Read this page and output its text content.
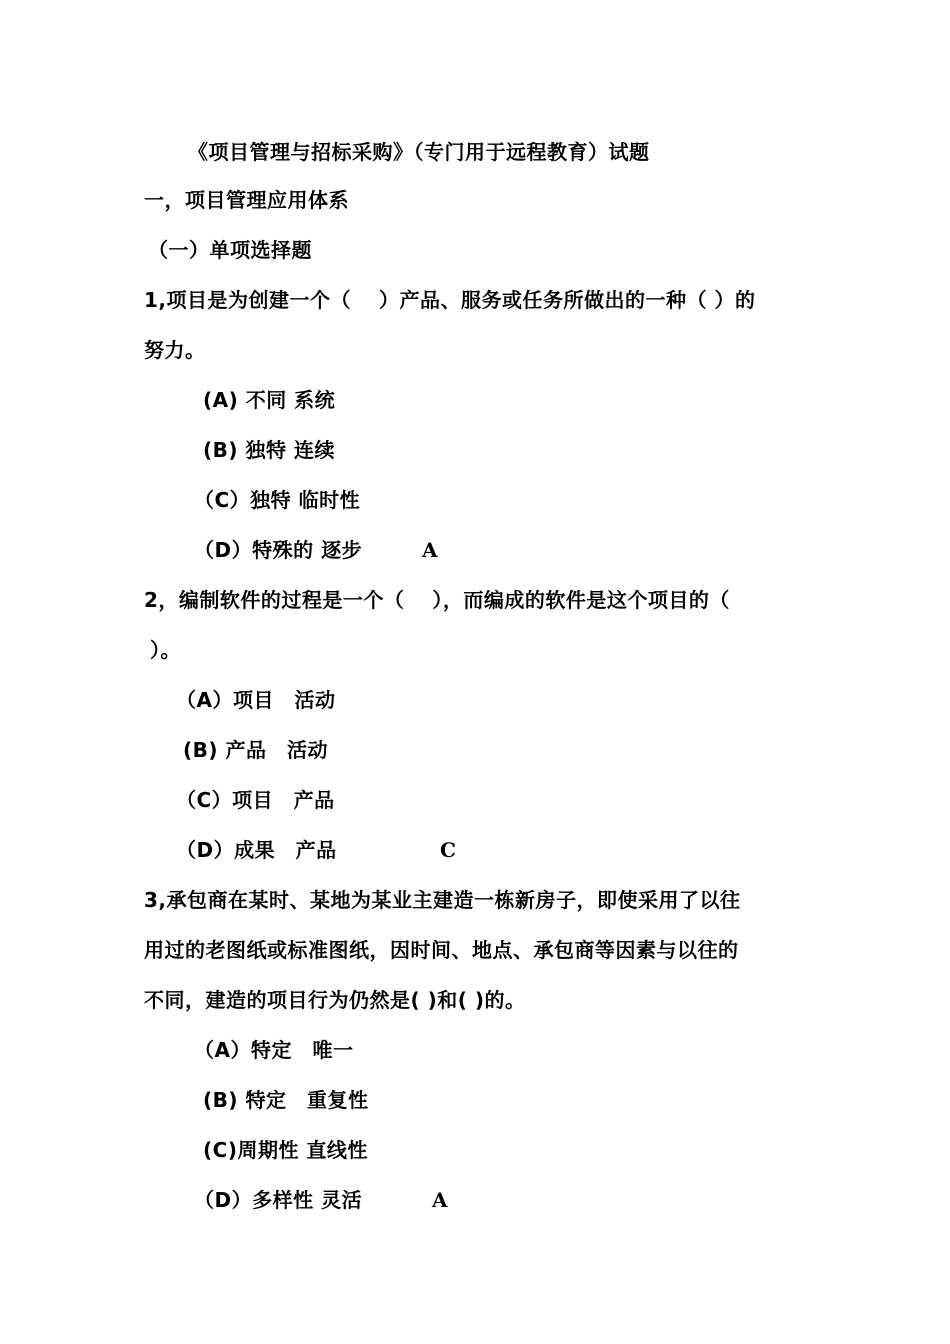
《项目管理与招标采购》（专门用于远程教育）试题
一，项目管理应用体系
（一）单项选择题
1,项目是为创建一个（　 ）产品、服务或任务所做出的一种（ ）的
努力。
(A) 不同 系统
(B) 独特 连续
（C）独特 临时性
（D）特殊的 逐步	A
2，编制软件的过程是一个（　 ），而编成的软件是这个项目的（
）。
（A）项目　活动
(B) 产品　活动
（C）项目　产品
（D）成果　产品	C
3,承包商在某时、某地为某业主建造一栋新房子，即使采用了以往
用过的老图纸或标准图纸，因时间、地点、承包商等因素与以往的
不同，建造的项目行为仍然是( )和( )的。
（A）特定　唯一
(B) 特定　重复性
(C)周期性 直线性
（D）多样性 灵活	A
